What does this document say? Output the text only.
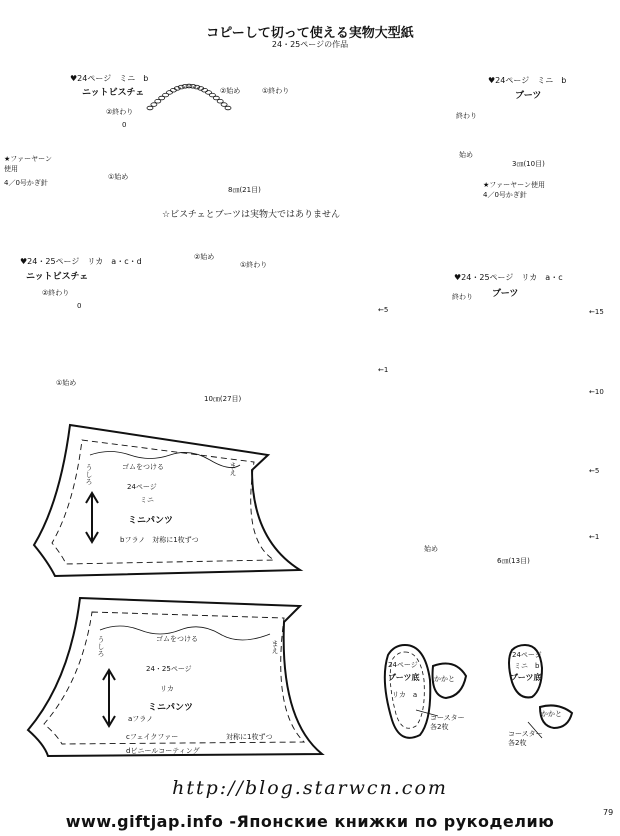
コピーして切って使える実物大型紙
24・25ページの作品
♥24ページ　ミニ　b
ニットビスチェ	②始め	①終わり
②終わり
0
①始め
8㎝(21目)
★ファーヤーン
使用
4／0号かぎ針
☆ビスチェとブーツは実物大ではありません
♥24ページ　ミニ　b
ブーツ
終わり
始め
3㎝(10目)
★ファーヤーン使用
4／0号かぎ針
♥24・25ページ　リカ　a・c・d
ニットビスチェ
②始め
①終わり
②終わり
0	←5
←1
①始め
10㎝(27目)
♥24・25ページ　リカ　a・c
終わり ブーツ
←15
←10
←5
←1
始め
6㎝(13目)
ゴムをつける
うしろ	まえ
24ページ
ミニ
ミニパンツ
bフラノ　対称に1枚ずつ
ゴムをつける
うしろ	まえ
24・25ページ
リカ
ミニパンツ
aフラノ
cフェイクファー	対称に1枚ずつ
dビニールコーティング
24ページ
ブーツ底
リカ　a
かかと
コースター
各2枚
24ページ
ミニ　b
ブーツ底
かかと
コースター
各2枚
http://blog.starwcn.com
79
www.giftjap.info -Японские книжки по рукоделию
